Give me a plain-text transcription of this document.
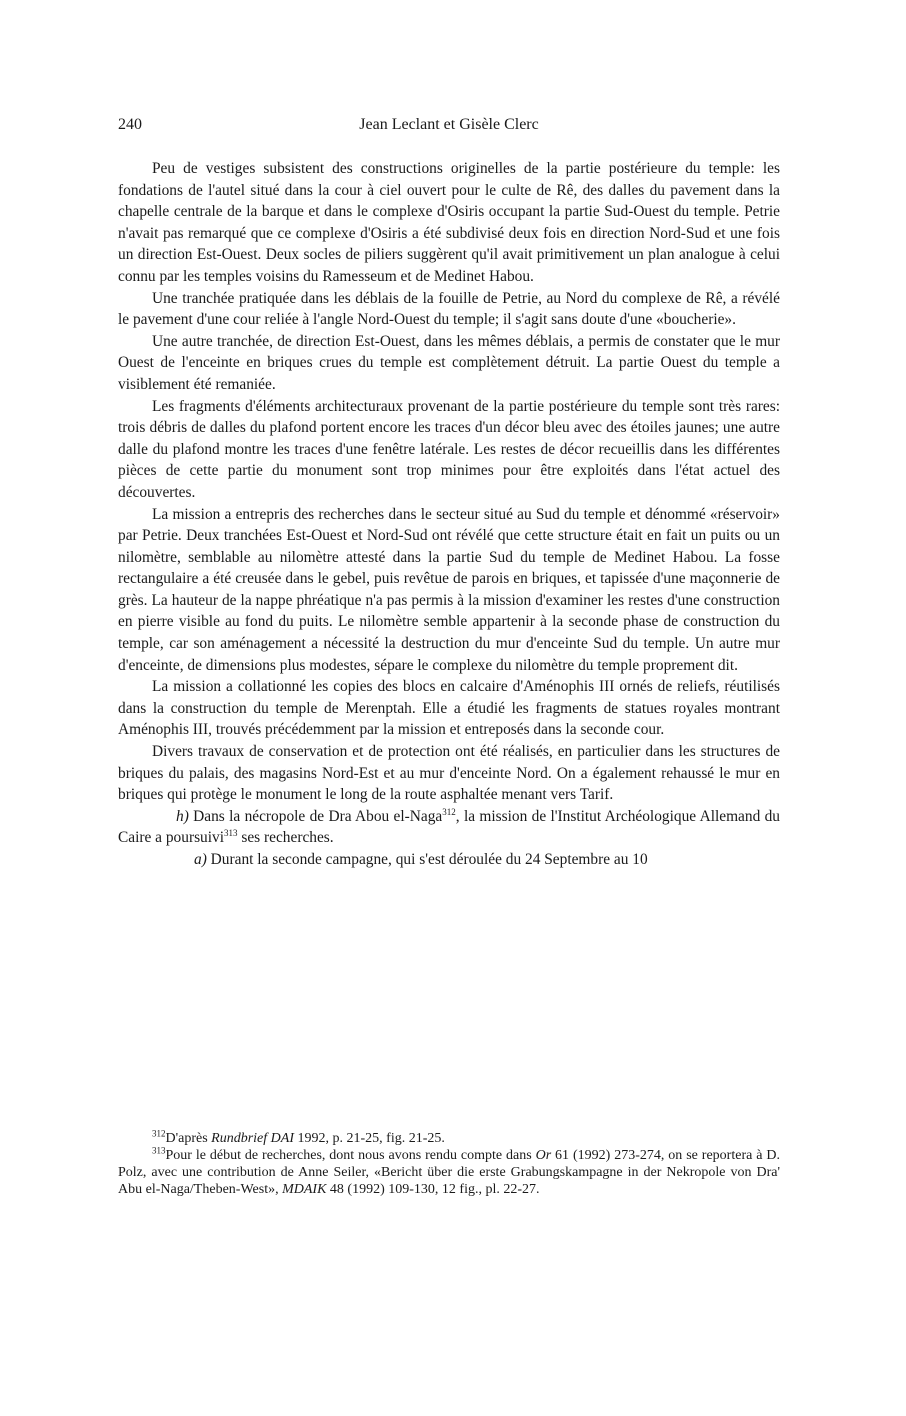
240	Jean Leclant et Gisèle Clerc

Peu de vestiges subsistent des constructions originelles de la partie postérieure du temple: les fondations de l'autel situé dans la cour à ciel ouvert pour le culte de Rê, des dalles du pavement dans la chapelle centrale de la barque et dans le complexe d'Osiris occupant la partie Sud-Ouest du temple. Petrie n'avait pas remarqué que ce complexe d'Osiris a été subdivisé deux fois en direction Nord-Sud et une fois un direction Est-Ouest. Deux socles de piliers suggèrent qu'il avait primitivement un plan analogue à celui connu par les temples voisins du Ramesseum et de Medinet Habou.

Une tranchée pratiquée dans les déblais de la fouille de Petrie, au Nord du complexe de Rê, a révélé le pavement d'une cour reliée à l'angle Nord-Ouest du temple; il s'agit sans doute d'une «boucherie».

Une autre tranchée, de direction Est-Ouest, dans les mêmes déblais, a permis de constater que le mur Ouest de l'enceinte en briques crues du temple est complètement détruit. La partie Ouest du temple a visiblement été remaniée.

Les fragments d'éléments architecturaux provenant de la partie postérieure du temple sont très rares: trois débris de dalles du plafond portent encore les traces d'un décor bleu avec des étoiles jaunes; une autre dalle du plafond montre les traces d'une fenêtre latérale. Les restes de décor recueillis dans les différentes pièces de cette partie du monument sont trop minimes pour être exploités dans l'état actuel des découvertes.

La mission a entrepris des recherches dans le secteur situé au Sud du temple et dénommé «réservoir» par Petrie. Deux tranchées Est-Ouest et Nord-Sud ont révélé que cette structure était en fait un puits ou un nilomètre, semblable au nilomètre attesté dans la partie Sud du temple de Medinet Habou. La fosse rectangulaire a été creusée dans le gebel, puis revêtue de parois en briques, et tapissée d'une maçonnerie de grès. La hauteur de la nappe phréatique n'a pas permis à la mission d'examiner les restes d'une construction en pierre visible au fond du puits. Le nilomètre semble appartenir à la seconde phase de construction du temple, car son aménagement a nécessité la destruction du mur d'enceinte Sud du temple. Un autre mur d'enceinte, de dimensions plus modestes, sépare le complexe du nilomètre du temple proprement dit.

La mission a collationné les copies des blocs en calcaire d'Aménophis III ornés de reliefs, réutilisés dans la construction du temple de Merenptah. Elle a étudié les fragments de statues royales montrant Aménophis III, trouvés précédemment par la mission et entreposés dans la seconde cour.

Divers travaux de conservation et de protection ont été réalisés, en particulier dans les structures de briques du palais, des magasins Nord-Est et au mur d'enceinte Nord. On a également rehaussé le mur en briques qui protège le monument le long de la route asphaltée menant vers Tarif.

h) Dans la nécropole de Dra Abou el-Naga$^{312}$, la mission de l'Institut Archéologique Allemand du Caire a poursuivi$^{313}$ ses recherches.

a) Durant la seconde campagne, qui s'est déroulée du 24 Septembre au 10

$^{312}$D'après Rundbrief DAI 1992, p. 21-25, fig. 21-25.

$^{313}$Pour le début de recherches, dont nous avons rendu compte dans Or 61 (1992) 273-274, on se reportera à D. Polz, avec une contribution de Anne Seiler, «Bericht über die erste Grabungskampagne in der Nekropole von Dra' Abu el-Naga/Theben-West», MDAIK 48 (1992) 109-130, 12 fig., pl. 22-27.
